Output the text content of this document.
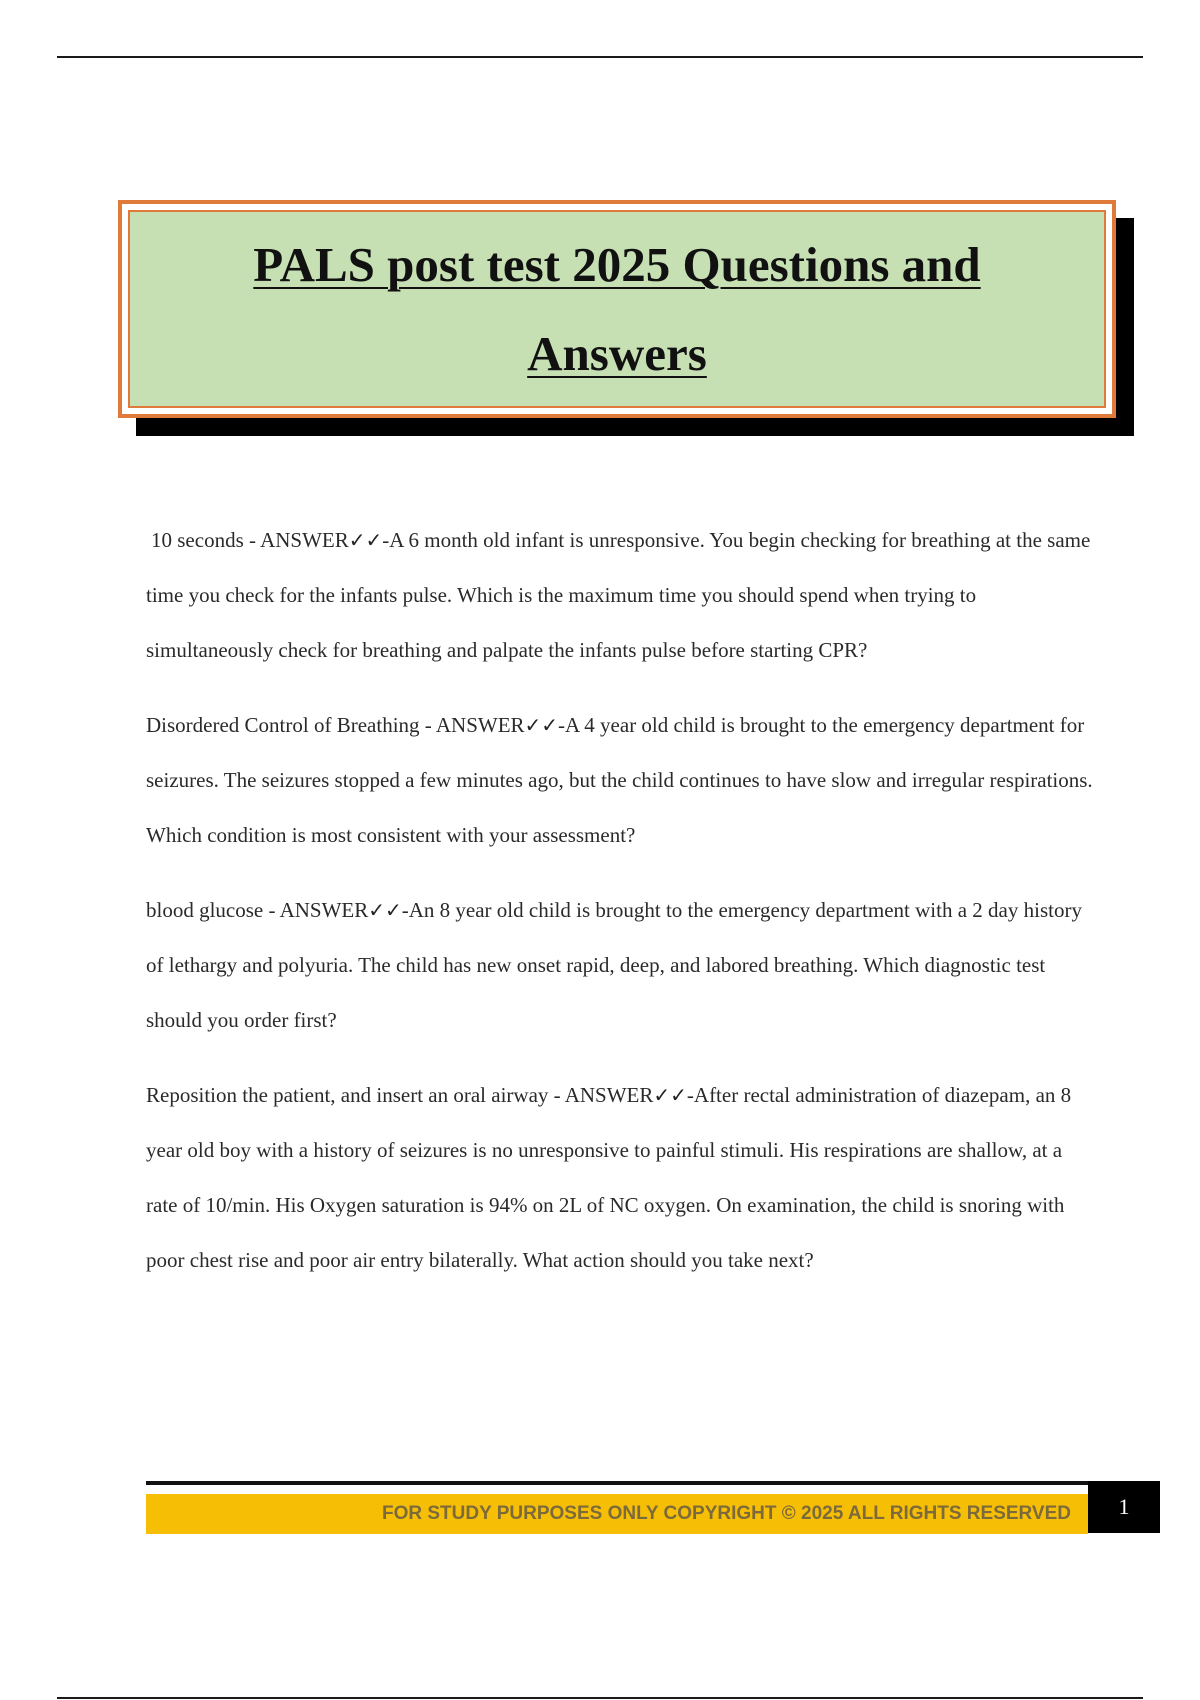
PALS post test 2025 Questions and
Answers

10 seconds - ANSWER✓✓-A 6 month old infant is unresponsive. You begin checking for breathing at the same time you check for the infants pulse. Which is the maximum time you should spend when trying to simultaneously check for breathing and palpate the infants pulse before starting CPR?

Disordered Control of Breathing - ANSWER✓✓-A 4 year old child is brought to the emergency department for seizures. The seizures stopped a few minutes ago, but the child continues to have slow and irregular respirations. Which condition is most consistent with your assessment?

blood glucose - ANSWER✓✓-An 8 year old child is brought to the emergency department with a 2 day history of lethargy and polyuria. The child has new onset rapid, deep, and labored breathing. Which diagnostic test should you order first?

Reposition the patient, and insert an oral airway - ANSWER✓✓-After rectal administration of diazepam, an 8 year old boy with a history of seizures is no unresponsive to painful stimuli. His respirations are shallow, at a rate of 10/min. His Oxygen saturation is 94% on 2L of NC oxygen. On examination, the child is snoring with poor chest rise and poor air entry bilaterally. What action should you take next?

FOR STUDY PURPOSES ONLY COPYRIGHT © 2025 ALL RIGHTS RESERVED	1
